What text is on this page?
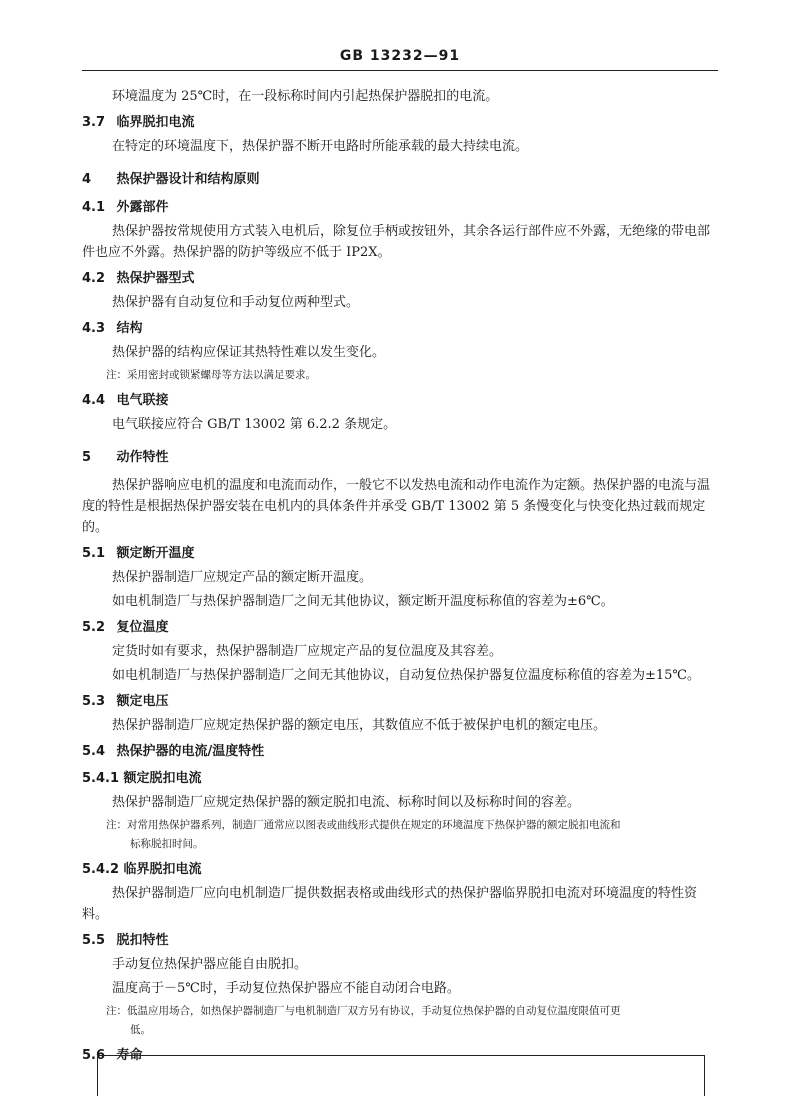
GB 13232—91

环境温度为 25℃时，在一段标称时间内引起热保护器脱扣的电流。

3.7 临界脱扣电流

在特定的环境温度下，热保护器不断开电路时所能承载的最大持续电流。

4 热保护器设计和结构原则
4.1 外露部件

热保护器按常规使用方式装入电机后，除复位手柄或按钮外，其余各运行部件应不外露，无绝缘的带电部件也应不外露。热保护器的防护等级应不低于 IP2X。

4.2 热保护器型式

热保护器有自动复位和手动复位两种型式。

4.3 结构

热保护器的结构应保证其热特性难以发生变化。

注：采用密封或锁紧螺母等方法以满足要求。

4.4 电气联接

电气联接应符合 GB/T 13002 第 6.2.2 条规定。

5 动作特性

热保护器响应电机的温度和电流而动作，一般它不以发热电流和动作电流作为定额。热保护器的电流与温度的特性是根据热保护器安装在电机内的具体条件并承受 GB/T 13002 第 5 条慢变化与快变化热过载而规定的。

5.1 额定断开温度

热保护器制造厂应规定产品的额定断开温度。

如电机制造厂与热保护器制造厂之间无其他协议，额定断开温度标称值的容差为±6℃。

5.2 复位温度

定货时如有要求，热保护器制造厂应规定产品的复位温度及其容差。

如电机制造厂与热保护器制造厂之间无其他协议，自动复位热保护器复位温度标称值的容差为±15℃。

5.3 额定电压

热保护器制造厂应规定热保护器的额定电压，其数值应不低于被保护电机的额定电压。

5.4 热保护器的电流/温度特性
5.4.1 额定脱扣电流

热保护器制造厂应规定热保护器的额定脱扣电流、标称时间以及标称时间的容差。

注：对常用热保护器系列，制造厂通常应以图表或曲线形式提供在规定的环境温度下热保护器的额定脱扣电流和
标称脱扣时间。

5.4.2 临界脱扣电流

热保护器制造厂应向电机制造厂提供数据表格或曲线形式的热保护器临界脱扣电流对环境温度的特性资料。

5.5 脱扣特性

手动复位热保护器应能自由脱扣。

温度高于－5℃时，手动复位热保护器应不能自动闭合电路。

注：低温应用场合，如热保护器制造厂与电机制造厂双方另有协议，手动复位热保护器的自动复位温度限值可更
低。

5.6 寿命
